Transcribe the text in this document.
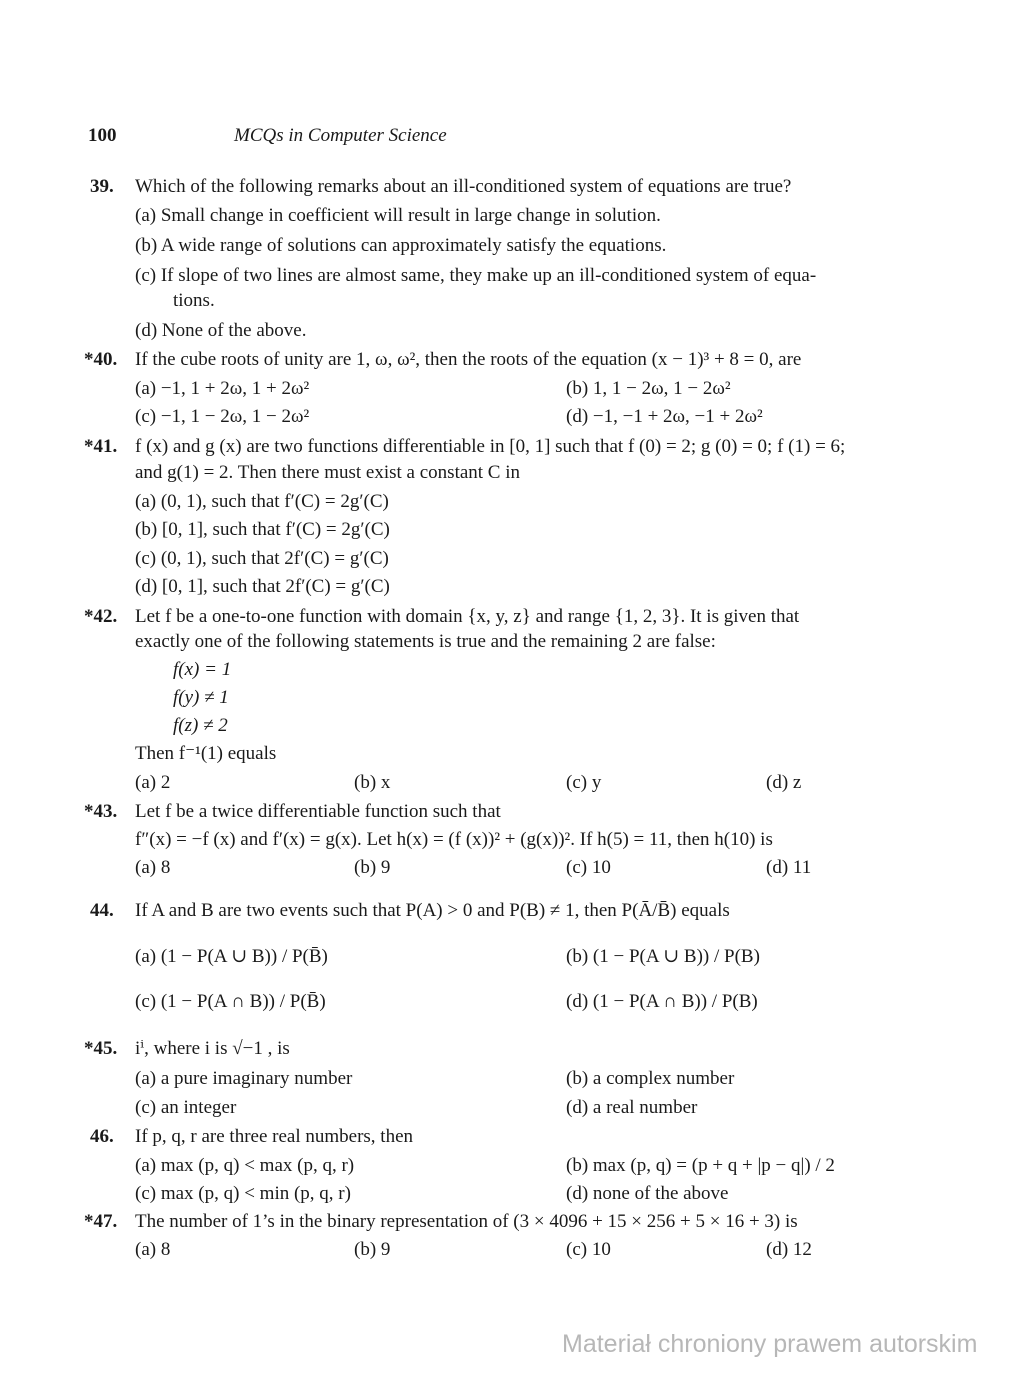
100	MCQs in Computer Science
39. Which of the following remarks about an ill-conditioned system of equations are true?
(a) Small change in coefficient will result in large change in solution.
(b) A wide range of solutions can approximately satisfy the equations.
(c) If slope of two lines are almost same, they make up an ill-conditioned system of equa-
tions.
(d) None of the above.
*40. If the cube roots of unity are 1, ω, ω², then the roots of the equation (x − 1)³ + 8 = 0, are
(a) −1, 1 + 2ω, 1 + 2ω²	(b) 1, 1 − 2ω, 1 − 2ω²
(c) −1, 1 − 2ω, 1 − 2ω²	(d) −1, −1 + 2ω, −1 + 2ω²
*41. f (x) and g (x) are two functions differentiable in [0, 1] such that f (0) = 2; g (0) = 0; f (1) = 6;
and g(1) = 2. Then there must exist a constant C in
(a) (0, 1), such that f′(C) = 2g′(C)
(b) [0, 1], such that f′(C) = 2g′(C)
(c) (0, 1), such that 2f′(C) = g′(C)
(d) [0, 1], such that 2f′(C) = g′(C)
*42. Let f be a one-to-one function with domain {x, y, z} and range {1, 2, 3}. It is given that
exactly one of the following statements is true and the remaining 2 are false:
f(x) = 1
f(y) ≠ 1
f(z) ≠ 2
Then f⁻¹(1) equals
(a) 2	(b) x	(c) y	(d) z
*43. Let f be a twice differentiable function such that
f″(x) = −f (x) and f′(x) = g(x). Let h(x) = (f (x))² + (g(x))². If h(5) = 11, then h(10) is
(a) 8	(b) 9	(c) 10	(d) 11
44. If A and B are two events such that P(A) > 0 and P(B) ≠ 1, then P(Ā/B̄) equals
(a) (1 − P(A ∪ B)) / P(B̄)	(b) (1 − P(A ∪ B)) / P(B)
(c) (1 − P(A ∩ B)) / P(B̄)	(d) (1 − P(A ∩ B)) / P(B)
*45. iⁱ, where i is √−1 , is
(a) a pure imaginary number	(b) a complex number
(c) an integer	(d) a real number
46. If p, q, r are three real numbers, then
(a) max (p, q) < max (p, q, r)	(b) max (p, q) = (p + q + |p − q|) / 2
(c) max (p, q) < min (p, q, r)	(d) none of the above
*47. The number of 1’s in the binary representation of (3 × 4096 + 15 × 256 + 5 × 16 + 3) is
(a) 8	(b) 9	(c) 10	(d) 12
Materiał chroniony prawem autorskim
